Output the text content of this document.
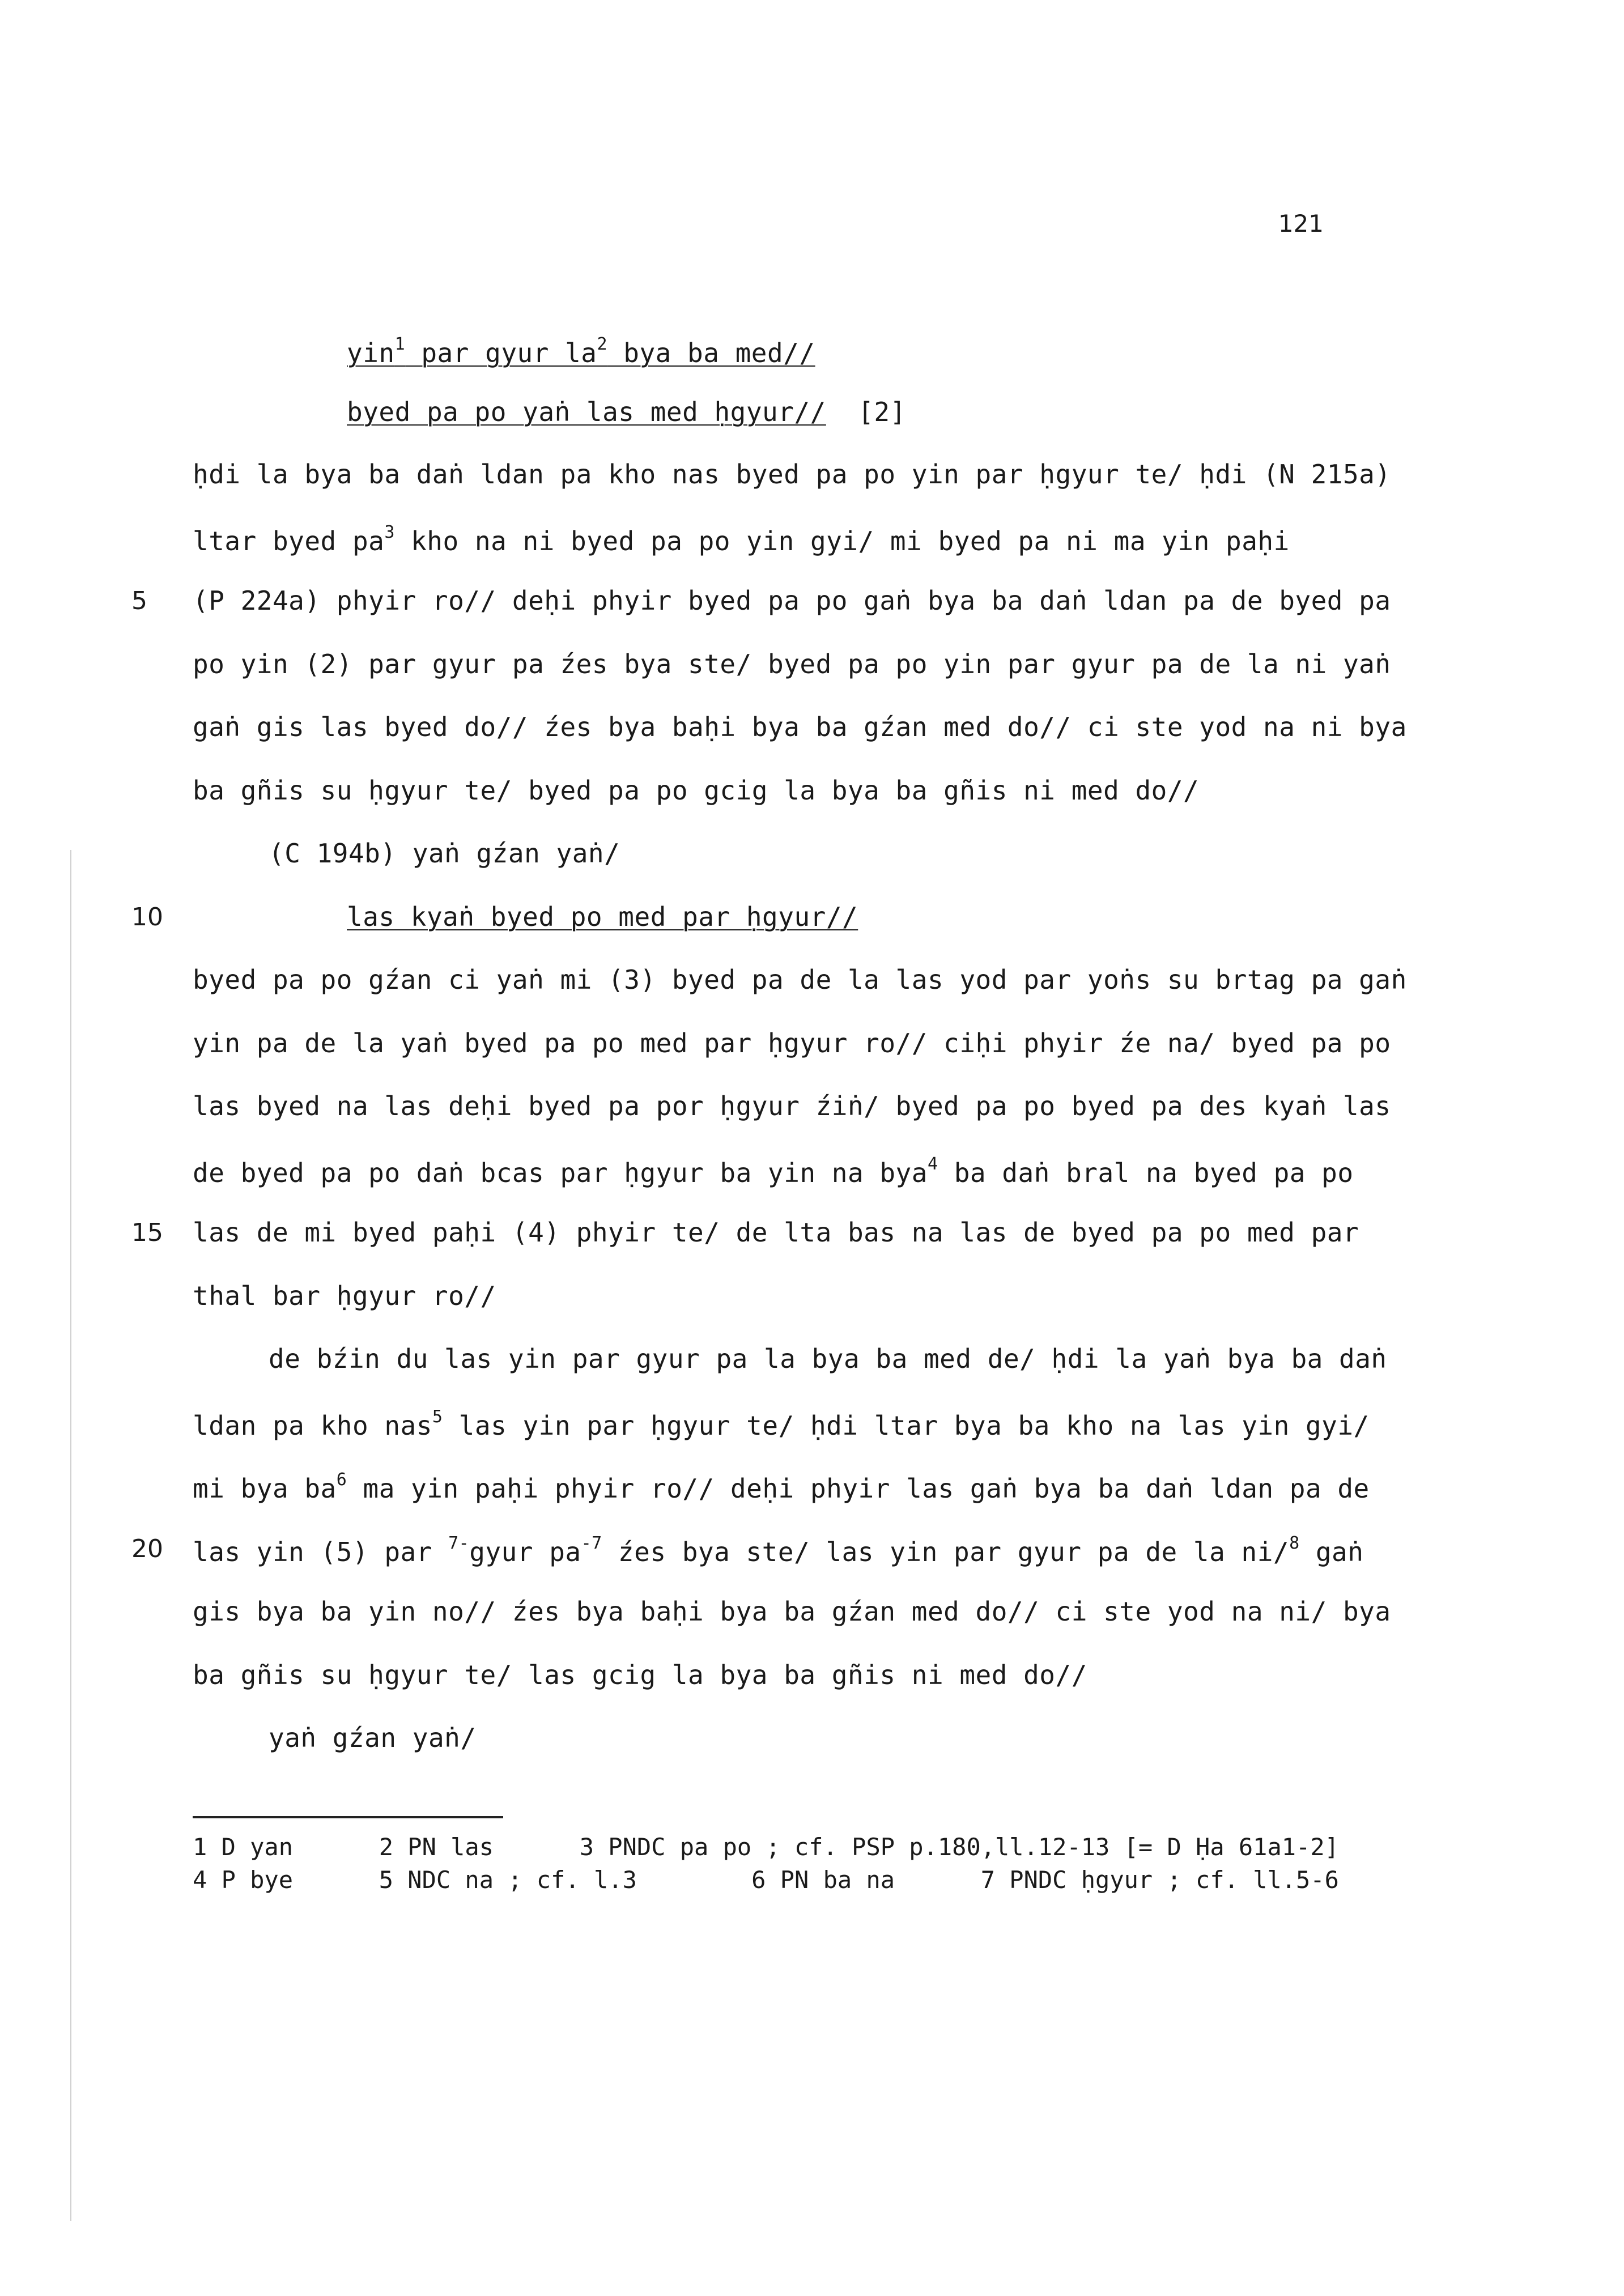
121
yin$^1$ par gyur $la^2$ bya ba med//
byed pa po yaṅ las med ḥgyur//  [2]
ḥdi la bya ba daṅ ldan pa kho nas byed pa po yin par ḥgyur te/ ḥdi (N 215a)
ltar byed $pa^3$ kho na ni byed pa po yin gyi/ mi byed pa ni ma yin paḥi
5 (P 224a) phyir ro// deḥi phyir byed pa po gaṅ bya ba daṅ ldan pa de byed pa
po yin (2) par gyur pa źes bya ste/ byed pa po yin par gyur pa de la ni yaṅ
gaṅ gis las byed do// źes bya baḥi bya ba gźan med do// ci ste yod na ni bya
ba gñis su ḥgyur te/ byed pa po gcig la bya ba gñis ni med do//
(C 194b) yaṅ gźan yaṅ/
10	las kyaṅ byed po med par ḥgyur//
byed pa po gźan ci yaṅ mi (3) byed pa de la las yod par yoṅs su brtag pa gaṅ
yin pa de la yaṅ byed pa po med par ḥgyur ro// ciḥi phyir źe na/ byed pa po
las byed na las deḥi byed pa por ḥgyur źiṅ/ byed pa po byed pa des kyaṅ las
de byed pa po daṅ bcas par ḥgyur ba yin na bya$^4$ ba daṅ bral na byed pa po
15 las de mi byed paḥi (4) phyir te/ de lta bas na las de byed pa po med par
thal bar ḥgyur ro//
de bźin du las yin par gyur pa la bya ba med de/ ḥdi la yaṅ bya ba daṅ
ldan pa kho nas$^5$ las yin par ḥgyur te/ ḥdi ltar bya ba kho na las yin gyi/
mi bya $ba^6$ ma yin paḥi phyir ro// deḥi phyir las gaṅ bya ba daṅ ldan pa de
20 las yin (5) par $^{7-}$gyur $pa^{-7}$ źes bya ste/ las yin par gyur pa de la ni/$^8$ gaṅ
gis bya ba yin no// źes bya baḥi bya ba gźan med do// ci ste yod na ni/ bya
ba gñis su ḥgyur te/ las gcig la bya ba gñis ni med do//
yaṅ gźan yaṅ/
1 D yan      2 PN las      3 PNDC pa po ; cf. PSP p.180,ll.12-13 [= D Ḥa 61a1-2]
4 P bye      5 NDC na ; cf. l.3        6 PN ba na      7 PNDC ḥgyur ; cf. ll.5-6
